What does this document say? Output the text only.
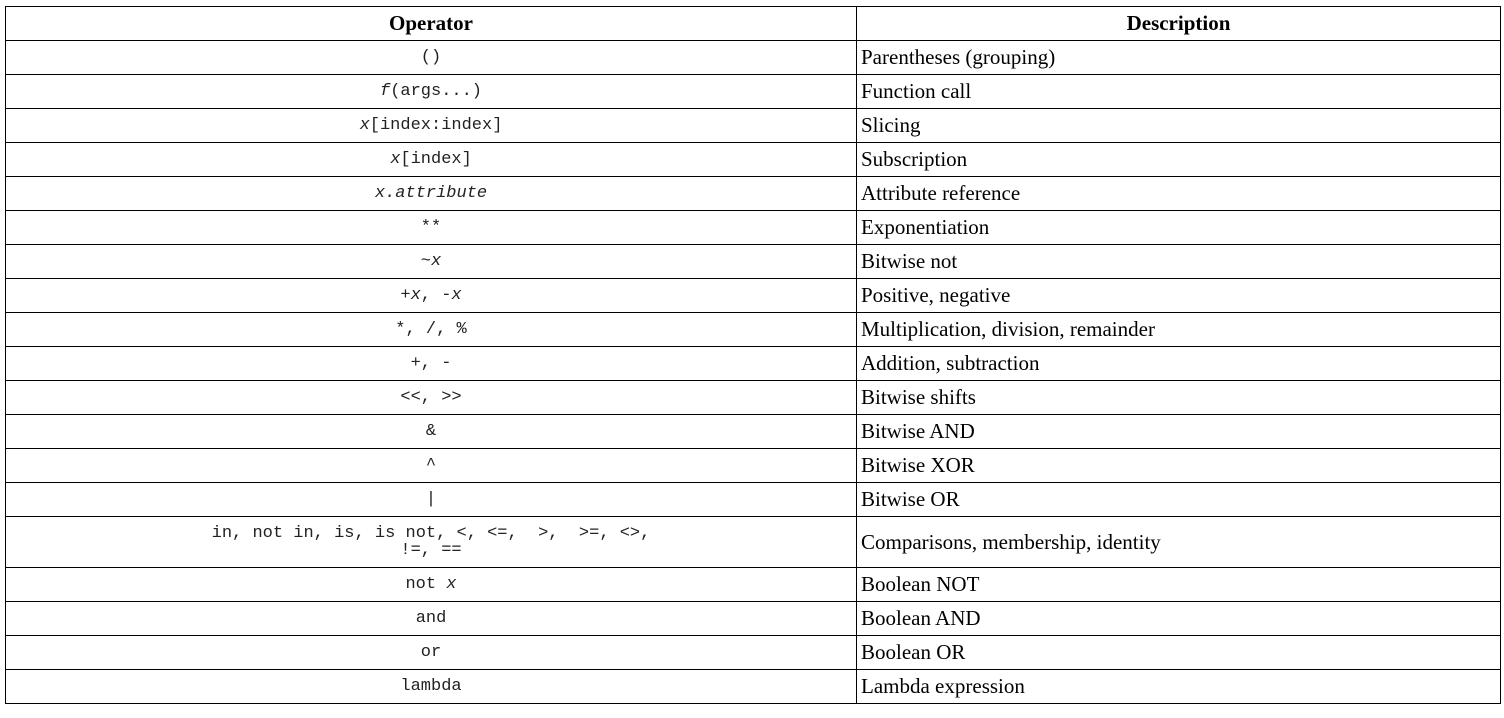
Operator	Description
()	Parentheses (grouping)
f(args...)	Function call
x[index:index]	Slicing
x[index]	Subscription
x.attribute	Attribute reference
**	Exponentiation
~x	Bitwise not
+x, -x	Positive, negative
*, /, %	Multiplication, division, remainder
+, -	Addition, subtraction
<<, >>	Bitwise shifts
&	Bitwise AND
^	Bitwise XOR
|	Bitwise OR
in, not in, is, is not, <, <=,  >,  >=, <>, !=, ==	Comparisons, membership, identity
not x	Boolean NOT
and	Boolean AND
or	Boolean OR
lambda	Lambda expression
